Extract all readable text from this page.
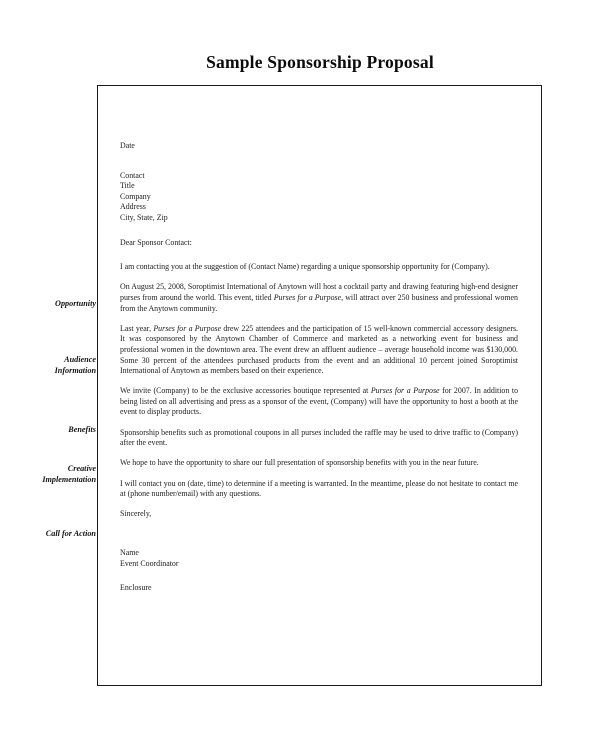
Sample Sponsorship Proposal
Opportunity
Audience
Information
Benefits
Creative
Implementation
Call for Action
Date
Contact
Title
Company
Address
City, State, Zip
Dear Sponsor Contact:

I am contacting you at the suggestion of (Contact Name) regarding a unique sponsorship opportunity for (Company).

On August 25, 2008, Soroptimist International of Anytown will host a cocktail party and drawing featuring high-end designer purses from around the world. This event, titled Purses for a Purpose, will attract over 250 business and professional women from the Anytown community.

Last year, Purses for a Purpose drew 225 attendees and the participation of 15 well-known commercial accessory designers. It was cosponsored by the Anytown Chamber of Commerce and marketed as a networking event for business and professional women in the downtown area. The event drew an affluent audience – average household income was $130,000. Some 30 percent of the attendees purchased products from the event and an additional 10 percent joined Soroptimist International of Anytown as members based on their experience.

We invite (Company) to be the exclusive accessories boutique represented at Purses for a Purpose for 2007. In addition to being listed on all advertising and press as a sponsor of the event, (Company) will have the opportunity to host a booth at the event to display products.

Sponsorship benefits such as promotional coupons in all purses included the raffle may be used to drive traffic to (Company) after the event.

We hope to have the opportunity to share our full presentation of sponsorship benefits with you in the near future.

I will contact you on (date, time) to determine if a meeting is warranted. In the meantime, please do not hesitate to contact me at (phone number/email) with any questions.

Sincerely,
Name
Event Coordinator
Enclosure
